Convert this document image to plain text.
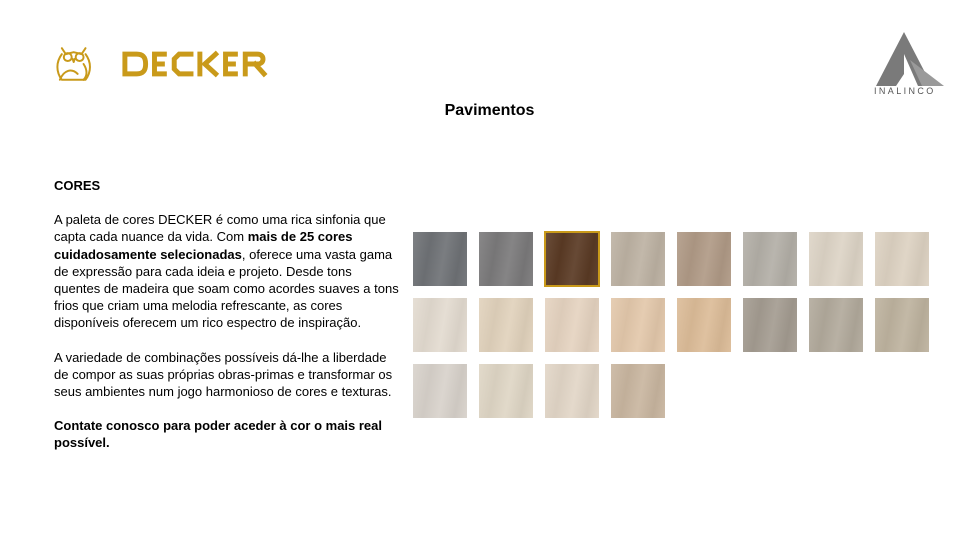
INALINCO
Pavimentos
CORES

A paleta de cores DECKER é como uma rica sinfonia que capta cada nuance da vida. Com mais de 25 cores cuidadosamente selecionadas, oferece uma vasta gama de expressão para cada ideia e projeto. Desde tons quentes de madeira que soam como acordes suaves a tons frios que criam uma melodia refrescante, as cores disponíveis oferecem um rico espectro de inspiração.

A variedade de combinações possíveis dá-lhe a liberdade de compor as suas próprias obras-primas e transformar os seus ambientes num jogo harmonioso de cores e texturas.

Contate conosco para poder aceder à cor o mais real possível.
